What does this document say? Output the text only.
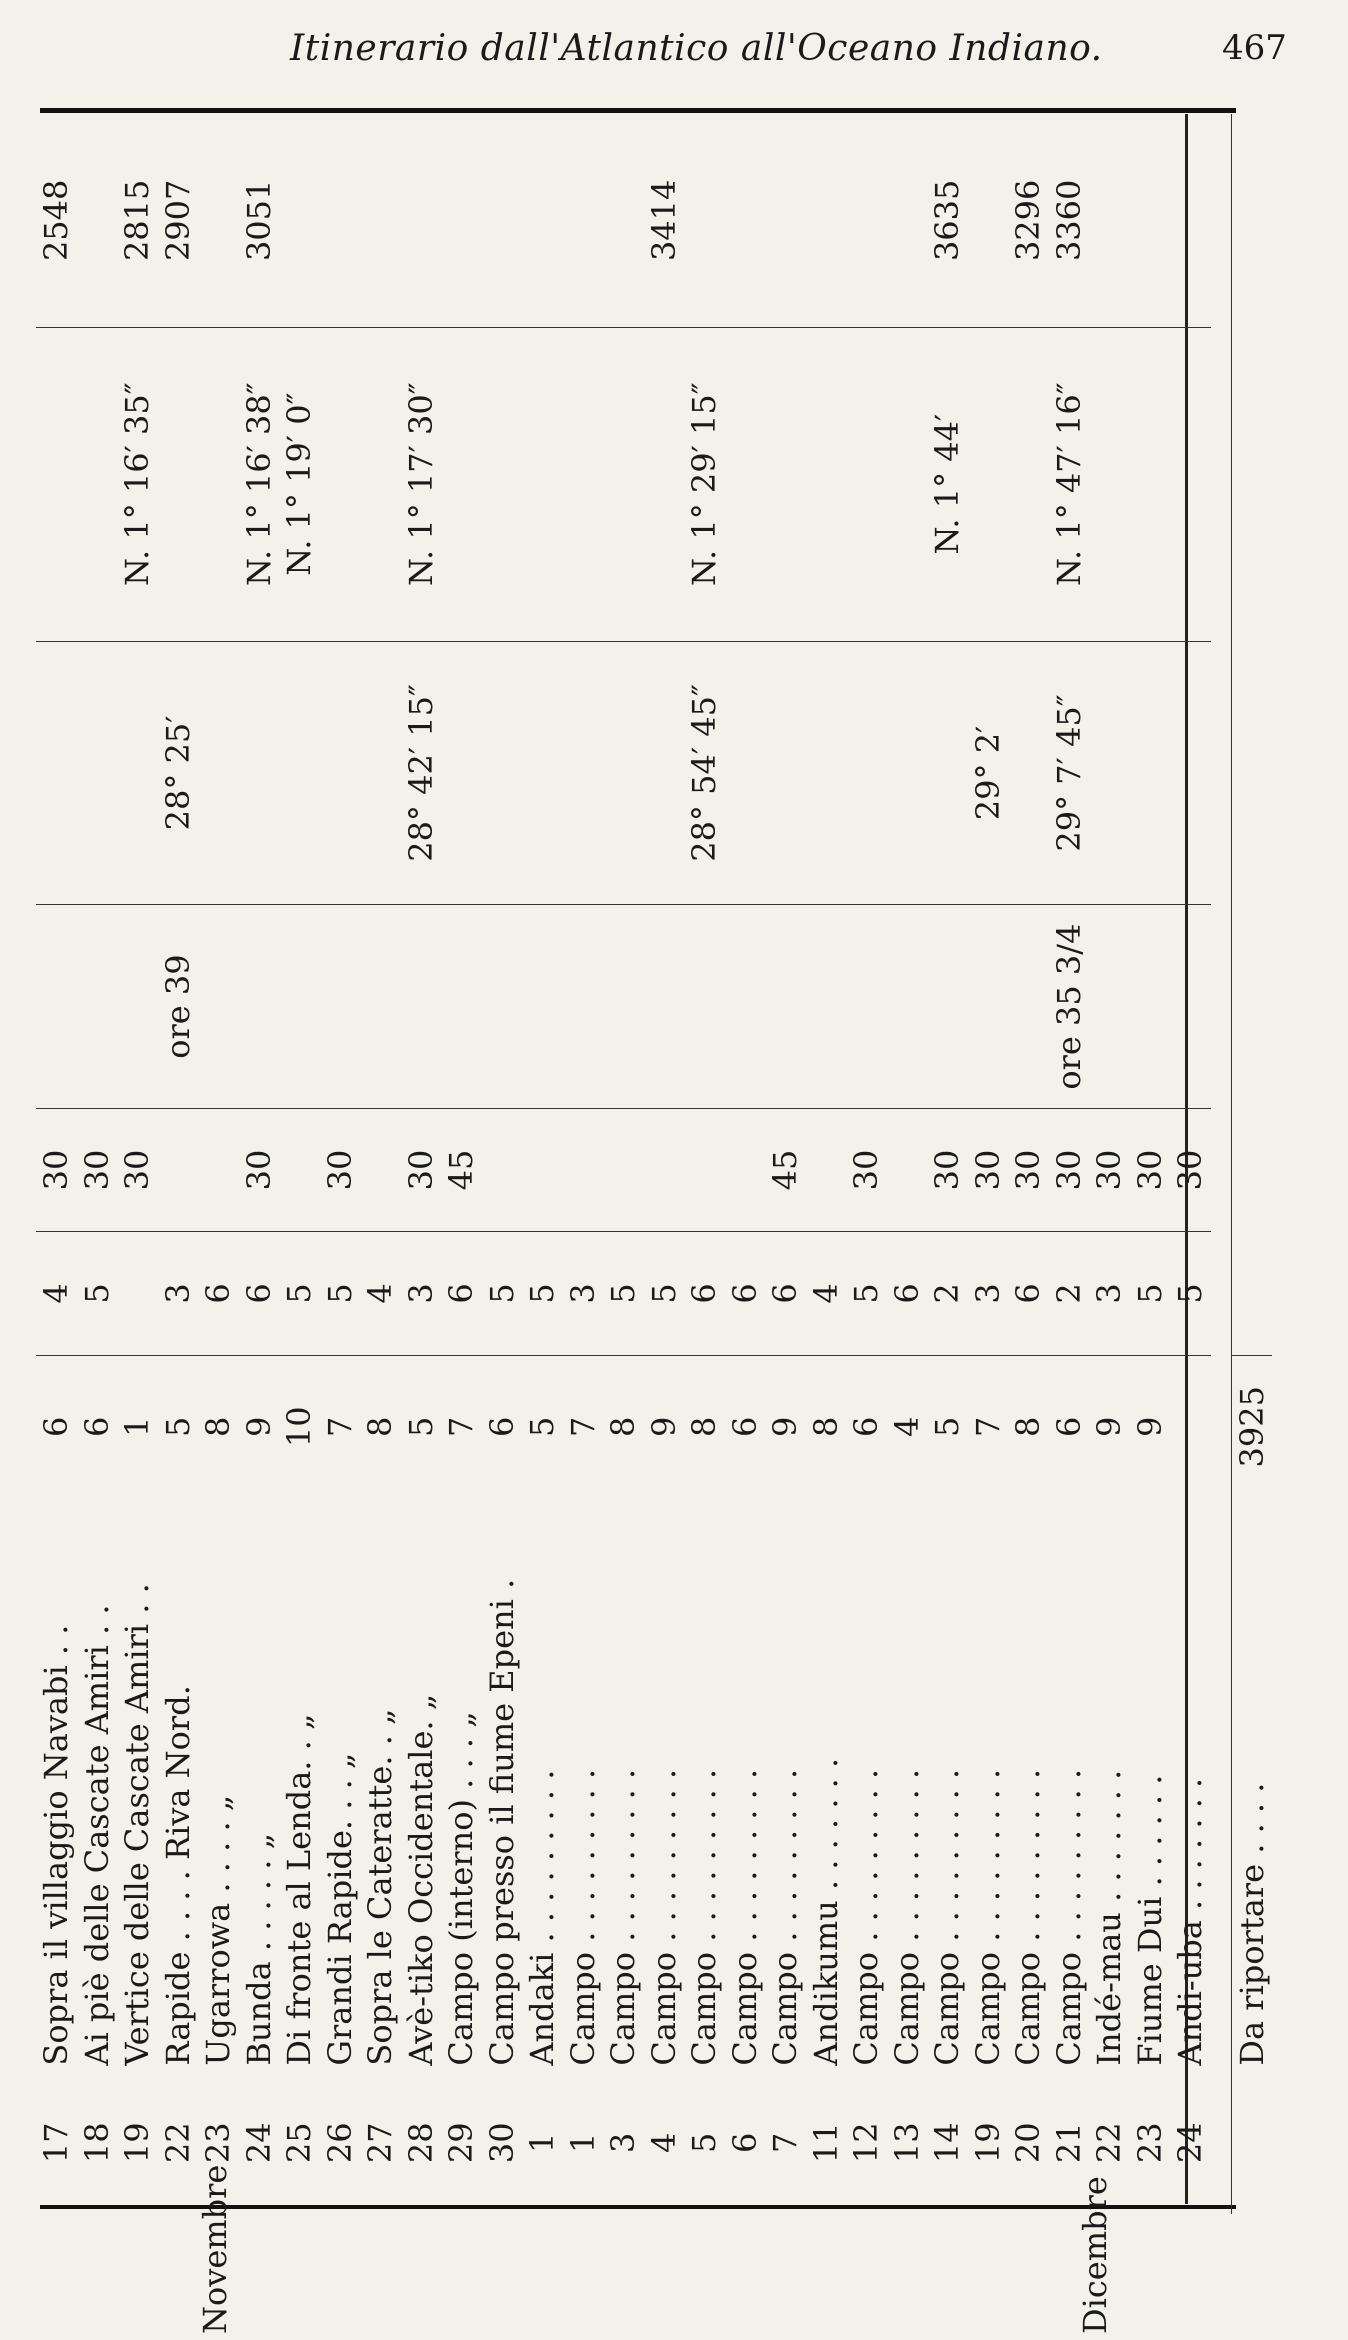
Itinerario dall'Atlantico all'Oceano Indiano.	467
17	Sopra il villaggio Navabi . .	6	4	30				2548
18	Ai piè delle Cascate Amiri . .	6	5	30				
19	Vertice delle Cascate Amiri . .	1		30			N. 1° 16′ 35″	2815
22	Rapide . . . . Riva Nord.	5	3		ore 39	28° 25′		2907
23	Ugarrowa . . . . „	8	6					
24	Bunda . . . . . „	9	6	30			N. 1° 16′ 38″	3051
25	Di fronte al Lenda. . „	10	5				N. 1° 19′ 0″	
26	Grandi Rapide. . . „	7	5	30				
27	Sopra le Cateratte. . „	8	4					
28	Avè-tiko Occidentale. „	5	3	30		28° 42′ 15″	N. 1° 17′ 30″	
29	Campo (interno) . . . „	7	6	45				
30	Campo presso il fiume Epeni .	6	5					
1	Andaki . . . . . . . . .	5	5					
1	Campo . . . . . . . . .	7	3					
3	Campo . . . . . . . . .	8	5					
4	Campo . . . . . . . . .	9	5					3414
5	Campo . . . . . . . . .	8	6			28° 54′ 45″	N. 1° 29′ 15″	
6	Campo . . . . . . . . .	6	6					
7	Campo . . . . . . . . .	9	6	45				
11	Andikumu . . . . . . .	8	4					
12	Campo . . . . . . . . .	6	5	30				
13	Campo . . . . . . . . .	4	6					
14	Campo . . . . . . . . .	5	2	30			N. 1° 44′	3635
19	Campo . . . . . . . . .	7	3	30		29° 2′		
20	Campo . . . . . . . . .	8	6	30				3296
21	Campo . . . . . . . . .	6	2	30	ore 35 3/4	29° 7′ 45″	N. 1° 47′ 16″	3360
22	Indé-mau . . . . . . .	9	3	30				
23	Fiume Dui . . . . . .	9	5	30				
24	Andi-uba . . . . . . .		5	30				

	Da riportare . . . .	3925						
Novembre	Dicembre
